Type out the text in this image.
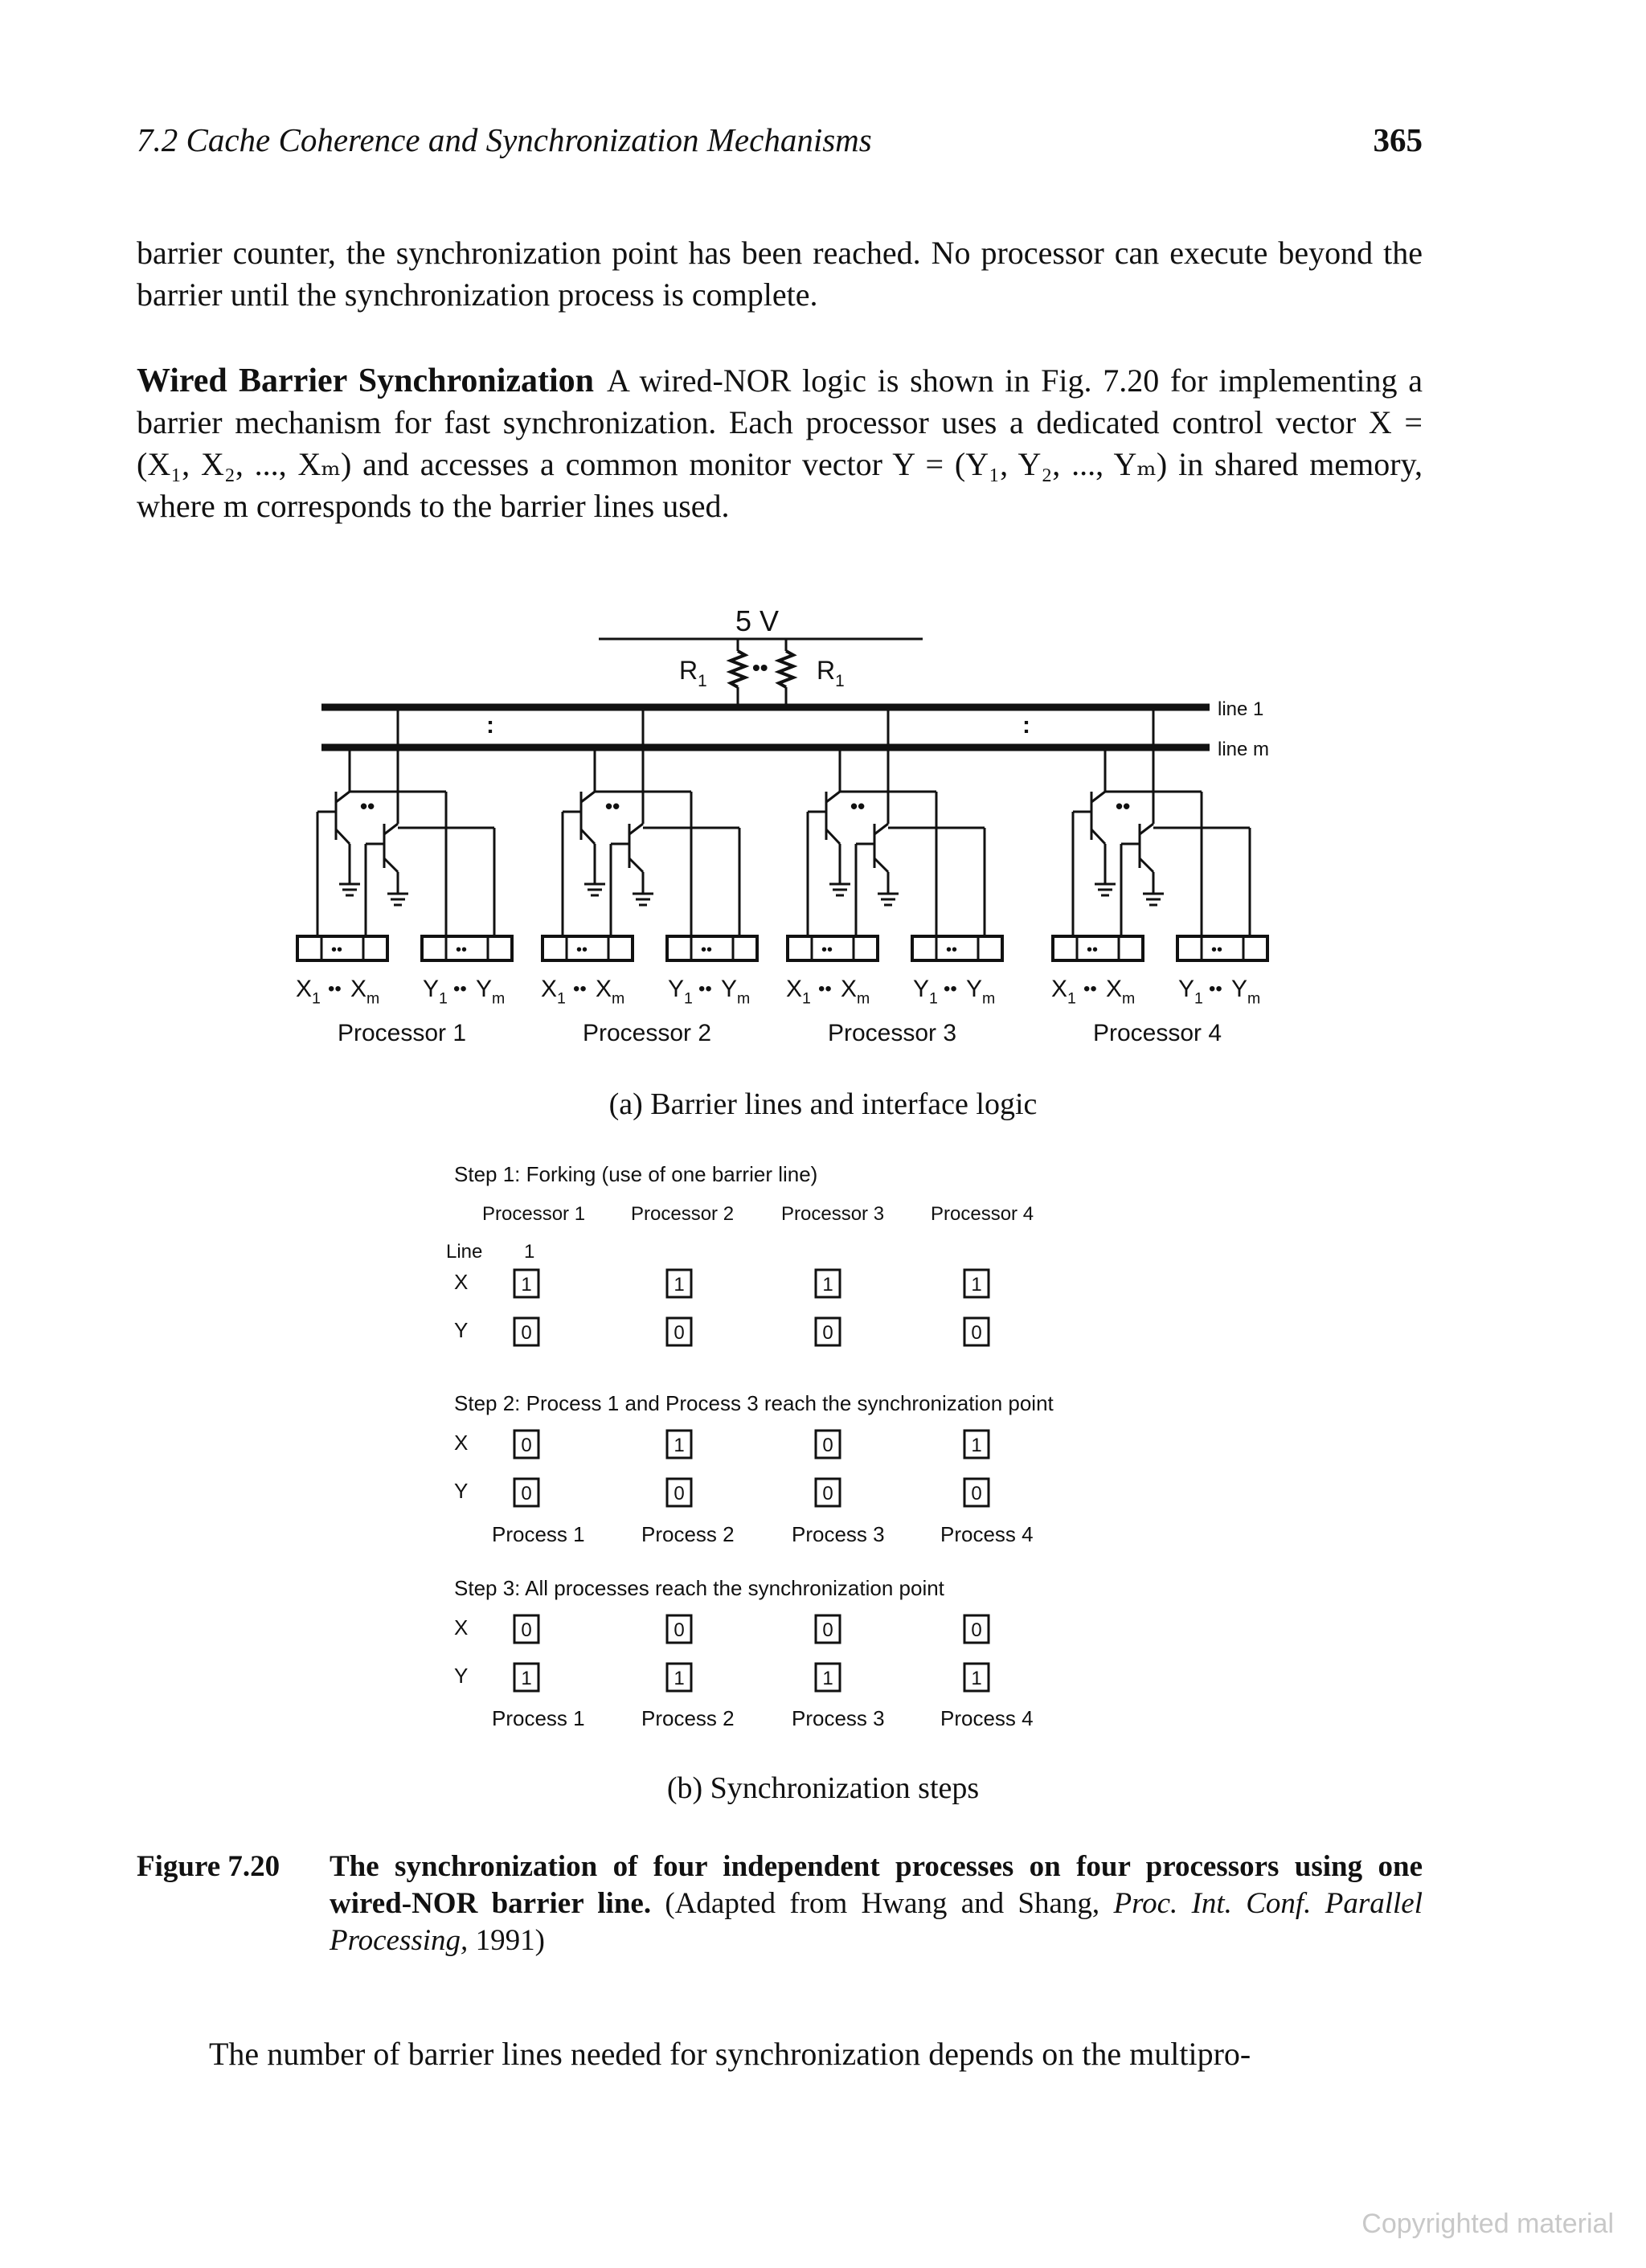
7.2 Cache Coherence and Synchronization Mechanisms	365
barrier counter, the synchronization point has been reached. No processor can execute beyond the barrier until the synchronization process is complete.
Wired Barrier Synchronization A wired-NOR logic is shown in Fig. 7.20 for implementing a barrier mechanism for fast synchronization. Each processor uses a dedicated control vector X = (X₁, X₂, ..., Xₘ) and accesses a common monitor vector Y = (Y₁, Y₂, ..., Yₘ) in shared memory, where m corresponds to the barrier lines used.
5 V
$R_1$	$R_1$
••
line 1
line m
:	:
••
••	••
$X_1$ •• $X_m$ $Y_1$ •• $Y_m$
Processor 1
••
••	••
$X_1$ •• $X_m$ $Y_1$ •• $Y_m$
Processor 2
••
••	••
$X_1$ •• $X_m$ $Y_1$ •• $Y_m$
Processor 3
••
••	••
$X_1$ •• $X_m$ $Y_1$ •• $Y_m$
Processor 4
Step 1: Forking (use of one barrier line)
Processor 1 Processor 2 Processor 3 Processor 4
Line 1
X	1	1	1	1
Y	0	0	0	0
Step 2: Process 1 and Process 3 reach the synchronization point
X	0	1	0	1
Y	0	0	0	0
Process 1	Process 2	Process 3	Process 4
Step 3: All processes reach the synchronization point
X	0	0	0	0
Y	1	1	1	1
Process 1	Process 2	Process 3	Process 4
(a) Barrier lines and interface logic
(b) Synchronization steps
Figure 7.20 The synchronization of four independent processes on four processors using one wired-NOR barrier line. (Adapted from Hwang and Shang, Proc. Int. Conf. Parallel Processing, 1991)
The number of barrier lines needed for synchronization depends on the multipro-
Copyrighted material
